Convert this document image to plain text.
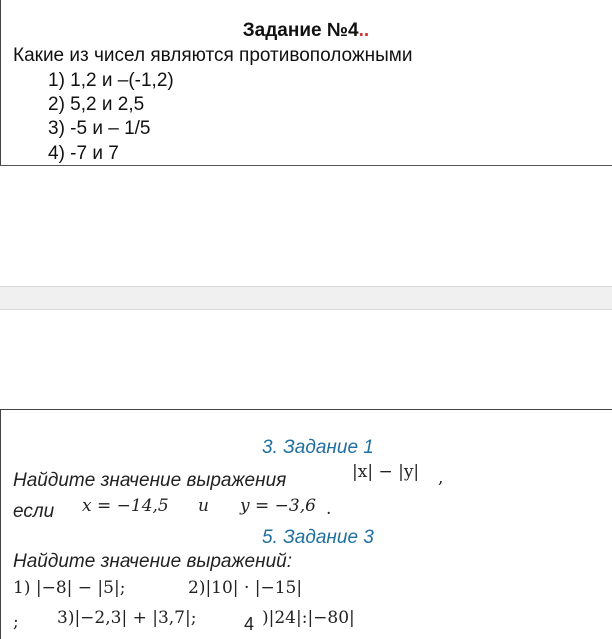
Задание №4..
Какие из чисел являются противоположными
1) 1,2 и –(-1,2)
2) 5,2 и 2,5
3) -5 и – 1/5
4) -7 и 7
3. Задание 1
Найдите значение выражения	|x| − |y| ,
если x = −14,5 и y = −3,6 .
5. Задание 3
Найдите значение выражений:
1) |−8| − |5|;	2)|10| · |−15|
; 3)|−2,3| + |3,7|;	4 )|24|:|−80|
